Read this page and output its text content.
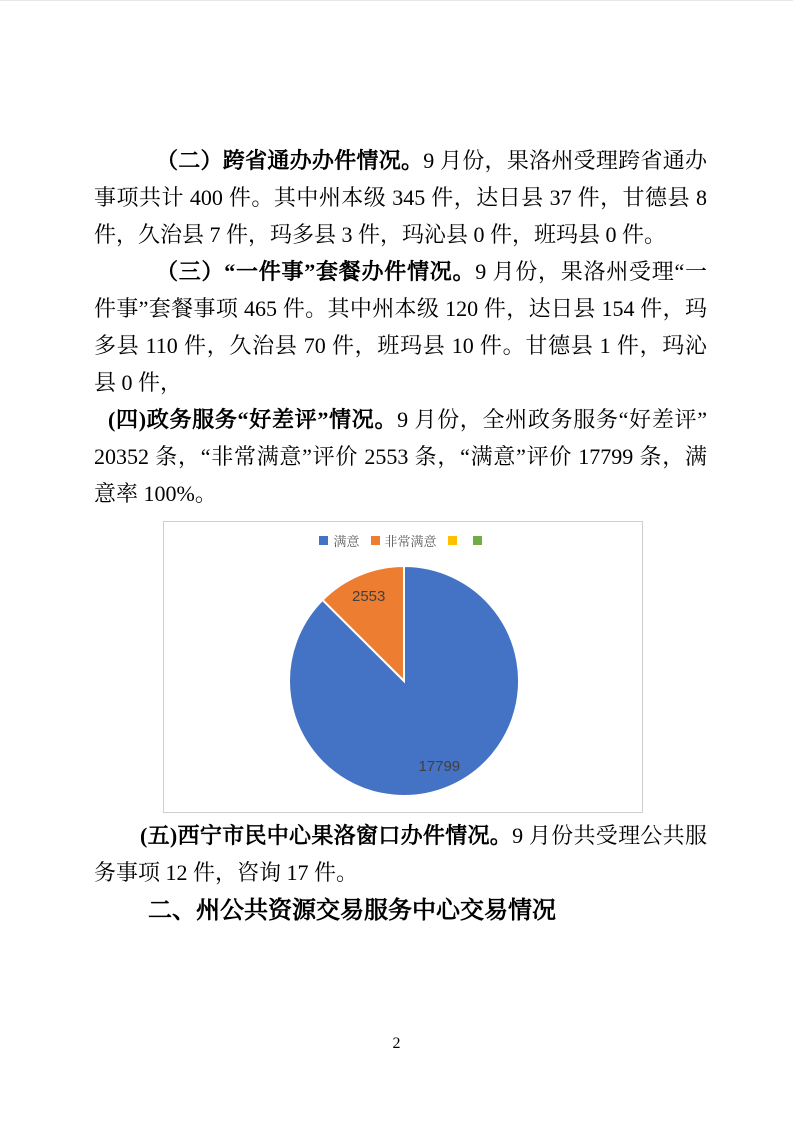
（二）跨省通办办件情况。9 月份，果洛州受理跨省通办事项共计 400 件。其中州本级 345 件，达日县 37 件，甘德县 8 件，久治县 7 件，玛多县 3 件，玛沁县 0 件，班玛县 0 件。

（三）“一件事”套餐办件情况。9 月份，果洛州受理“一件事”套餐事项 465 件。其中州本级 120 件，达日县 154 件，玛多县 110 件，久治县 70 件，班玛县 10 件。甘德县 1 件，玛沁县 0 件，

(四)政务服务“好差评”情况。9 月份，全州政务服务“好差评” 20352 条，“非常满意”评价 2553 条，“满意”评价 17799 条，满意率 100%。

满意 非常满意
17799
2553

(五)西宁市民中心果洛窗口办件情况。9 月份共受理公共服务事项 12 件，咨询 17 件。

二、州公共资源交易服务中心交易情况
2
